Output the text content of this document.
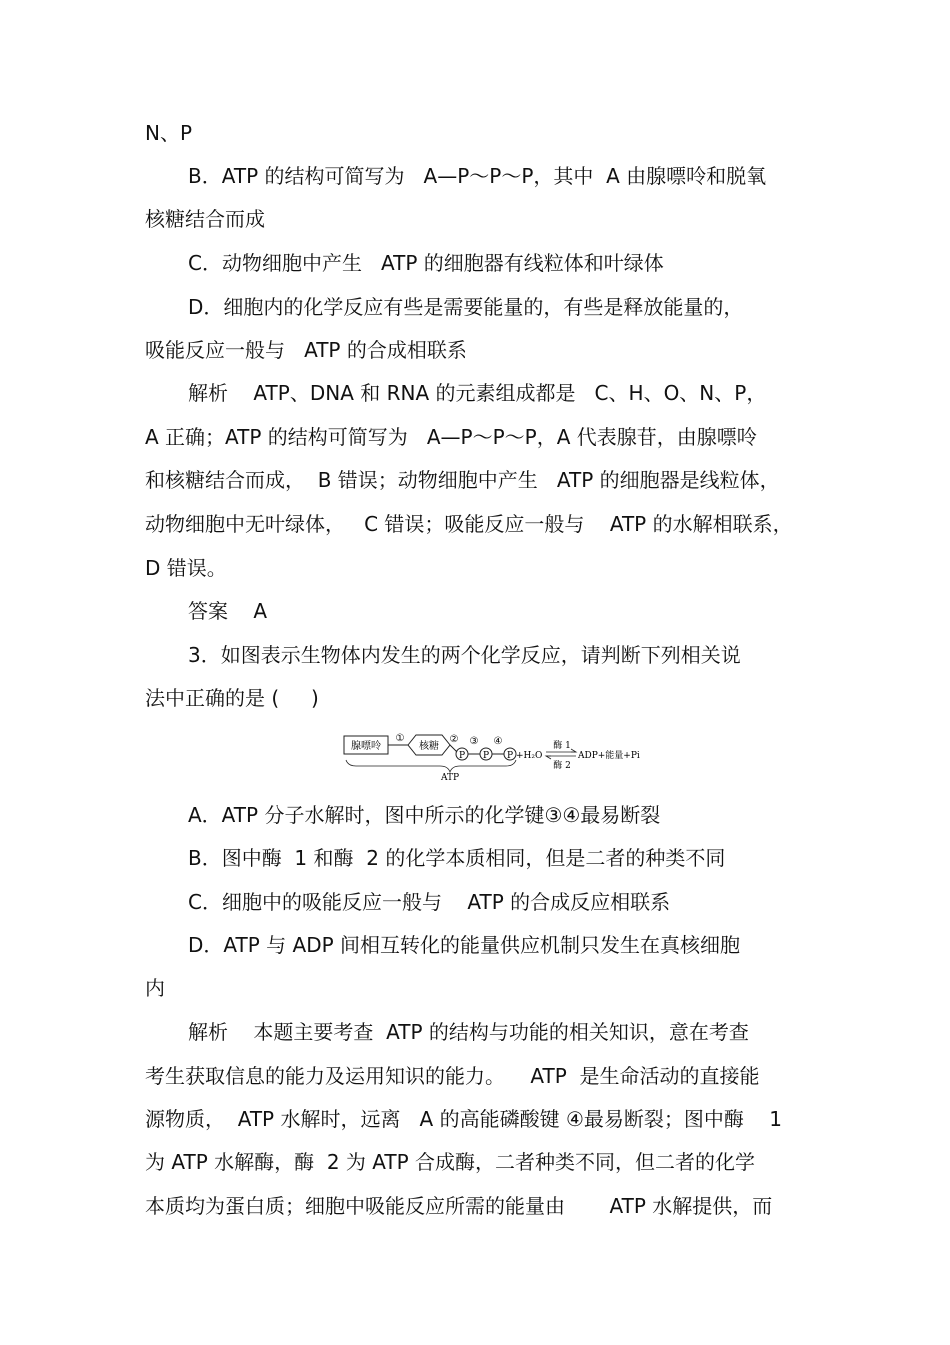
N、P
B．ATP 的结构可简写为   A—P～P～P，其中  A 由腺嘌呤和脱氧
核糖结合而成
C．动物细胞中产生   ATP 的细胞器有线粒体和叶绿体
D．细胞内的化学反应有些是需要能量的，有些是释放能量的，
吸能反应一般与   ATP 的合成相联系
解析    ATP、DNA 和 RNA 的元素组成都是   C、H、O、N、P，
A 正确；ATP 的结构可简写为   A—P～P～P，A 代表腺苷，由腺嘌呤
和核糖结合而成，  B 错误；动物细胞中产生   ATP 的细胞器是线粒体，
动物细胞中无叶绿体，   C 错误；吸能反应一般与    ATP 的水解相联系，
D 错误。
答案    A
3．如图表示生物体内发生的两个化学反应，请判断下列相关说
法中正确的是 (     )
腺嘌呤
①
核糖
②
P
③
P
④
P +H₂O
酶 1
酶 2
ADP+能量+Pi
ATP
A．ATP 分子水解时，图中所示的化学键③④最易断裂
B．图中酶  1 和酶  2 的化学本质相同，但是二者的种类不同
C．细胞中的吸能反应一般与    ATP 的合成反应相联系
D．ATP 与 ADP 间相互转化的能量供应机制只发生在真核细胞
内
解析    本题主要考查  ATP 的结构与功能的相关知识，意在考查
考生获取信息的能力及运用知识的能力。    ATP  是生命活动的直接能
源物质，  ATP 水解时，远离   A 的高能磷酸键 ④最易断裂；图中酶    1
为 ATP 水解酶，酶  2 为 ATP 合成酶，二者种类不同，但二者的化学
本质均为蛋白质；细胞中吸能反应所需的能量由       ATP 水解提供，而
